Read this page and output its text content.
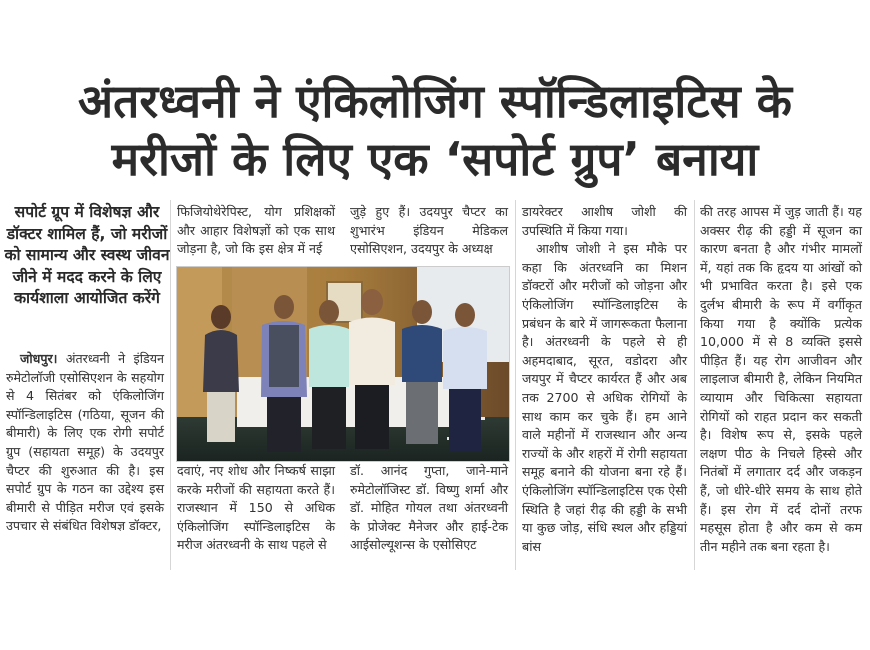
अंतरध्वनी ने एंकिलोजिंग स्पॉन्डिलाइटिस के
मरीजों के लिए एक ‘सपोर्ट ग्रुप’ बनाया
सपोर्ट ग्रूप में विशेषज्ञ और डॉक्टर शामिल हैं, जो मरीजों को सामान्य और स्वस्थ जीवन जीने में मदद करने के लिए कार्यशाला आयोजित करेंगे

जोधपुर। अंतरध्वनी ने इंडियन रुमेटोलॉजी एसोसिएशन के सहयोग से 4 सितंबर को एंकिलोजिंग स्पॉन्डिलाइटिस (गठिया, सूजन की बीमारी) के लिए एक रोगी सपोर्ट ग्रुप (सहायता समूह) के उदयपुर चैप्टर की शुरुआत की है। इस सपोर्ट ग्रुप के गठन का उद्देश्य इस बीमारी से पीड़ित मरीज एवं इसके उपचार से संबंधित विशेषज्ञ डॉक्टर,

फिजियोथेरेपिस्ट, योग प्रशिक्षकों और आहार विशेषज्ञों को एक साथ जोड़ना है, जो कि इस क्षेत्र में नई

जुड़े हुए हैं। उदयपुर चैप्टर का शुभारंभ इंडियन मेडिकल एसोसिएशन, उदयपुर के अध्यक्ष

दवाएं, नए शोध और निष्कर्ष साझा करके मरीजों की सहायता करते हैं। राजस्थान में 150 से अधिक एंकिलोजिंग स्पॉन्डिलाइटिस के मरीज अंतरध्वनी के साथ पहले से

डॉ. आनंद गुप्ता, जाने-माने रुमेटोलॉजिस्ट डॉ. विष्णु शर्मा और डॉ. मोहित गोयल तथा अंतरध्वनी के प्रोजेक्ट मैनेजर और हाई-टेक आईसोल्यूशन्स के एसोसिएट

डायरेक्टर आशीष जोशी की उपस्थिति में किया गया।

आशीष जोशी ने इस मौके पर कहा कि अंतरध्वनि का मिशन डॉक्टरों और मरीजों को जोड़ना और एंकिलोजिंग स्पॉन्डिलाइटिस के प्रबंधन के बारे में जागरूकता फैलाना है। अंतरध्वनी के पहले से ही अहमदाबाद, सूरत, वडोदरा और जयपुर में चैप्टर कार्यरत हैं और अब तक 2700 से अधिक रोगियों के साथ काम कर चुके हैं। हम आने वाले महीनों में राजस्थान और अन्य राज्यों के और शहरों में रोगी सहायता समूह बनाने की योजना बना रहे हैं। एंकिलोजिंग स्पॉन्डिलाइटिस एक ऐसी स्थिति है जहां रीढ़ की हड्डी के सभी या कुछ जोड़, संधि स्थल और हड्डियां बांस

की तरह आपस में जुड़ जाती हैं। यह अक्सर रीढ़ की हड्डी में सूजन का कारण बनता है और गंभीर मामलों में, यहां तक कि हृदय या आंखों को भी प्रभावित करता है। इसे एक दुर्लभ बीमारी के रूप में वर्गीकृत किया गया है क्योंकि प्रत्येक 10,000 में से 8 व्यक्ति इससे पीड़ित हैं। यह रोग आजीवन और लाइलाज बीमारी है, लेकिन नियमित व्यायाम और चिकित्सा सहायता रोगियों को राहत प्रदान कर सकती है। विशेष रूप से, इसके पहले लक्षण पीठ के निचले हिस्से और नितंबों में लगातार दर्द और जकड़न हैं, जो धीरे-धीरे समय के साथ होते हैं। इस रोग में दर्द दोनों तरफ महसूस होता है और कम से कम तीन महीने तक बना रहता है।
